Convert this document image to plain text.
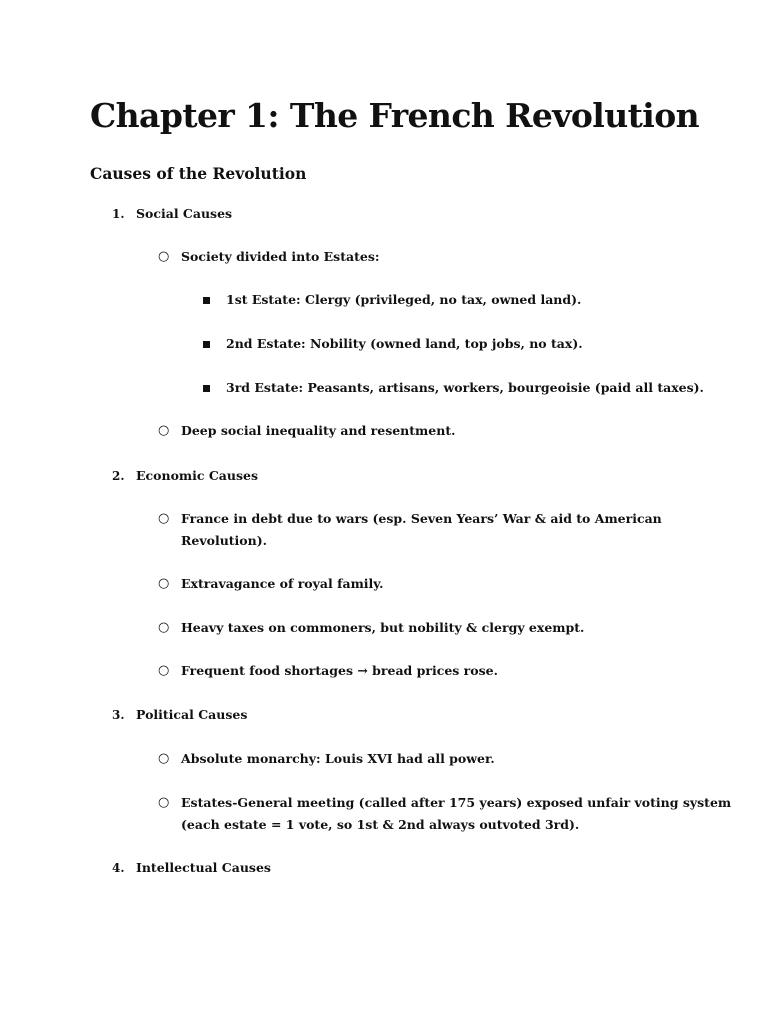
Chapter 1: The French Revolution
Causes of the Revolution
1. Social Causes
○ Society divided into Estates:
1st Estate: Clergy (privileged, no tax, owned land).
2nd Estate: Nobility (owned land, top jobs, no tax).
3rd Estate: Peasants, artisans, workers, bourgeoisie (paid all taxes).
○ Deep social inequality and resentment.
2. Economic Causes
○ France in debt due to wars (esp. Seven Years’ War & aid to American
Revolution).
○ Extravagance of royal family.
○ Heavy taxes on commoners, but nobility & clergy exempt.
○ Frequent food shortages → bread prices rose.
3. Political Causes
○ Absolute monarchy: Louis XVI had all power.
○ Estates-General meeting (called after 175 years) exposed unfair voting system
(each estate = 1 vote, so 1st & 2nd always outvoted 3rd).
4. Intellectual Causes
